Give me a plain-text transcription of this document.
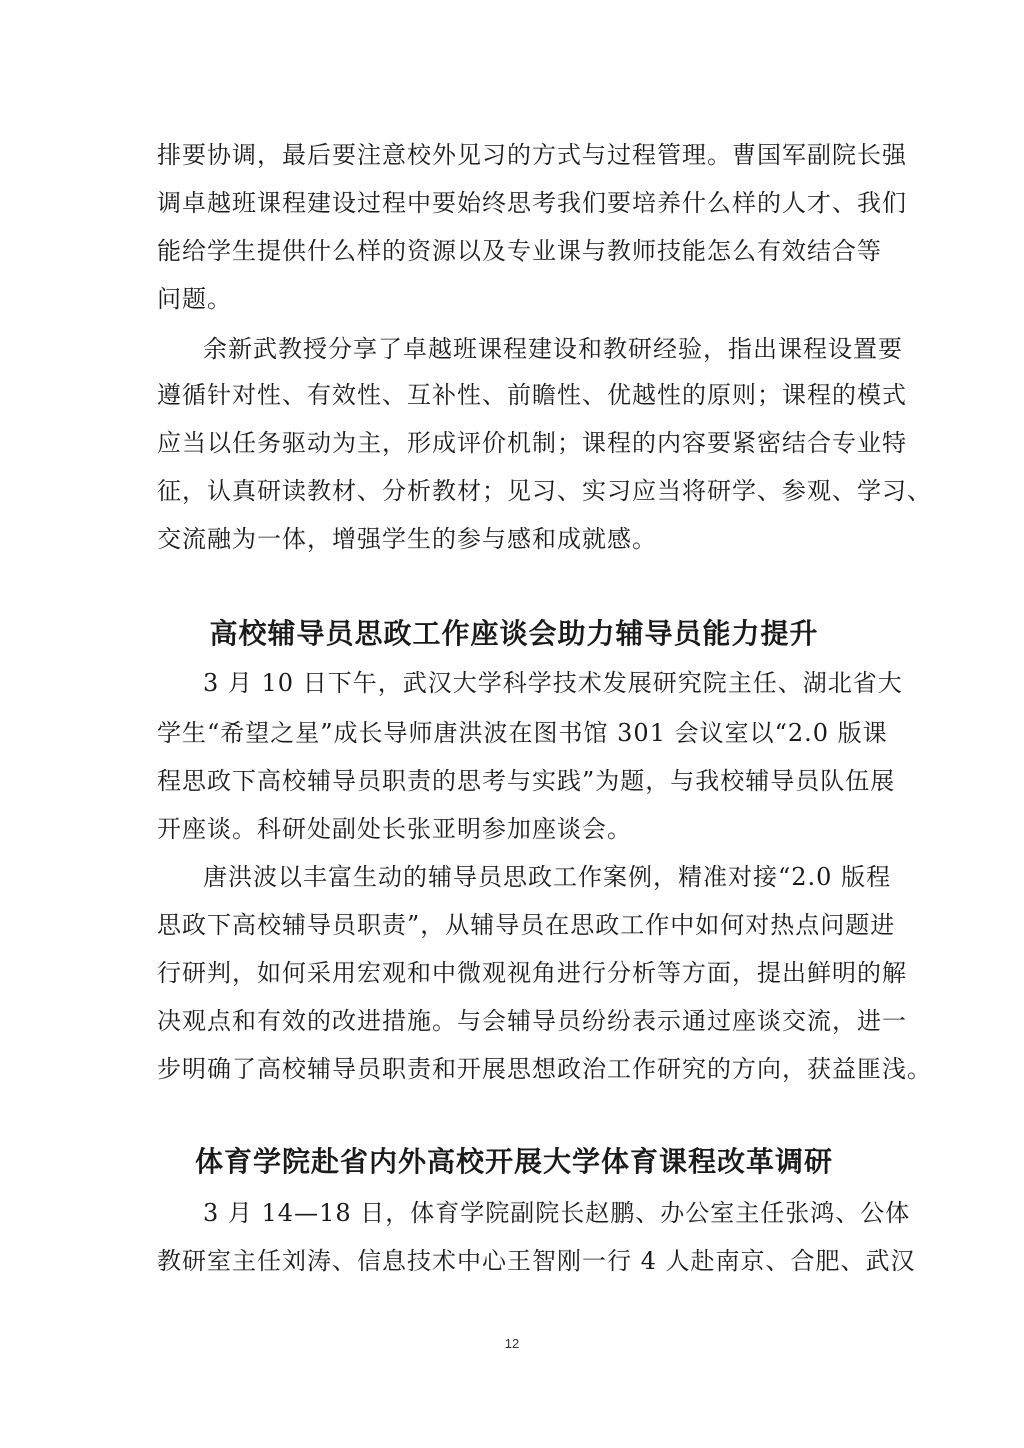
排要协调，最后要注意校外见习的方式与过程管理。曹国军副院长强
调卓越班课程建设过程中要始终思考我们要培养什么样的人才、我们
能给学生提供什么样的资源以及专业课与教师技能怎么有效结合等
问题。
余新武教授分享了卓越班课程建设和教研经验，指出课程设置要
遵循针对性、有效性、互补性、前瞻性、优越性的原则；课程的模式
应当以任务驱动为主，形成评价机制；课程的内容要紧密结合专业特
征，认真研读教材、分析教材；见习、实习应当将研学、参观、学习、
交流融为一体，增强学生的参与感和成就感。
高校辅导员思政工作座谈会助力辅导员能力提升
3 月 10 日下午，武汉大学科学技术发展研究院主任、湖北省大
学生“希望之星”成长导师唐洪波在图书馆 301 会议室以“2.0 版课
程思政下高校辅导员职责的思考与实践”为题，与我校辅导员队伍展
开座谈。科研处副处长张亚明参加座谈会。
唐洪波以丰富生动的辅导员思政工作案例，精准对接“2.0 版程
思政下高校辅导员职责”，从辅导员在思政工作中如何对热点问题进
行研判，如何采用宏观和中微观视角进行分析等方面，提出鲜明的解
决观点和有效的改进措施。与会辅导员纷纷表示通过座谈交流，进一
步明确了高校辅导员职责和开展思想政治工作研究的方向，获益匪浅。
体育学院赴省内外高校开展大学体育课程改革调研
3 月 14—18 日，体育学院副院长赵鹏、办公室主任张鸿、公体
教研室主任刘涛、信息技术中心王智刚一行 4 人赴南京、合肥、武汉
12
